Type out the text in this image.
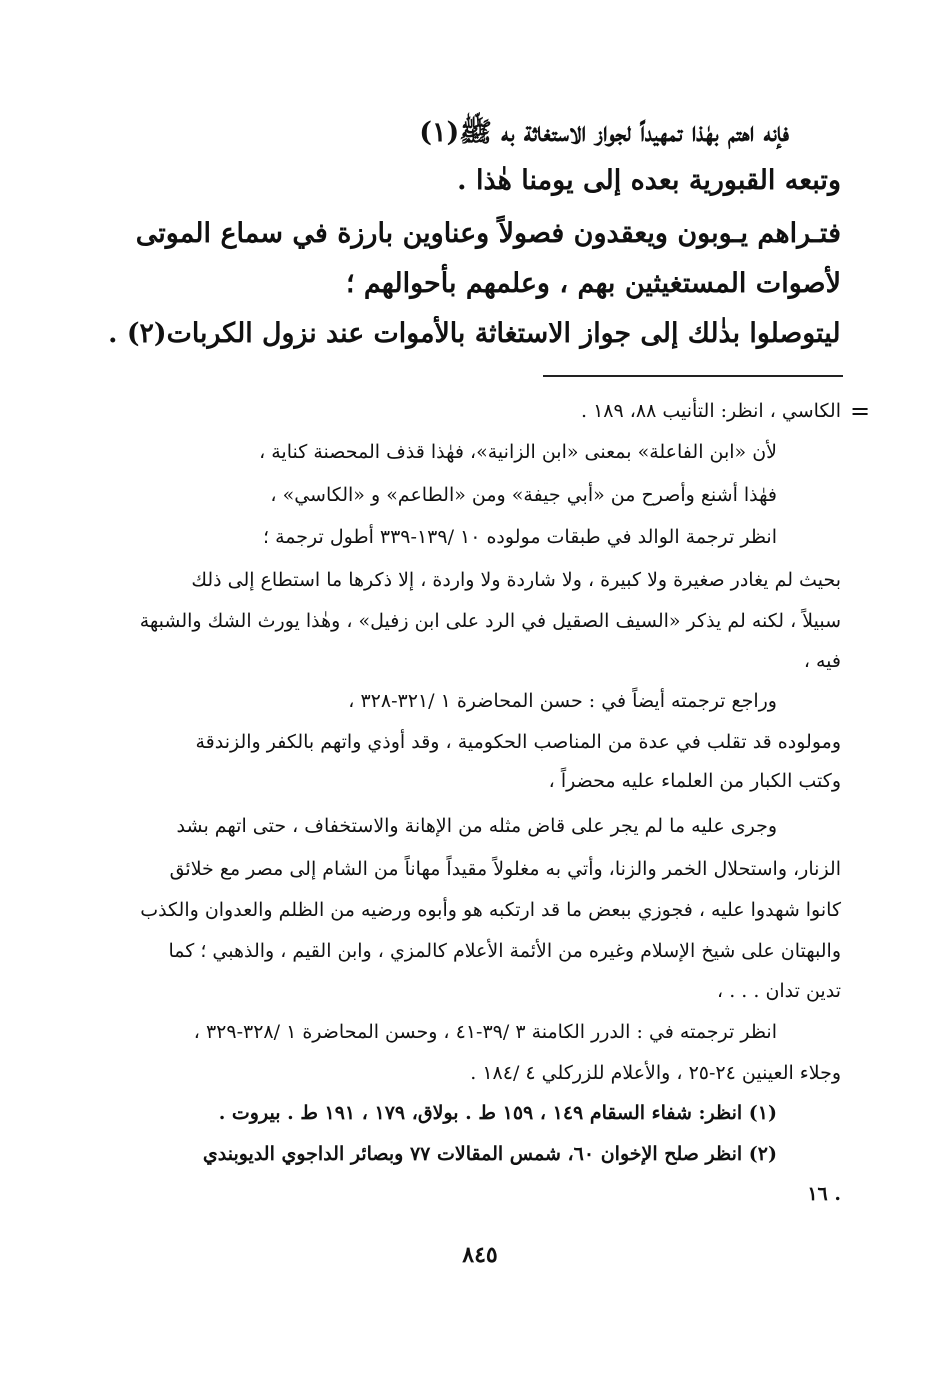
فإنه اهتم بهٰذا تمهيداً لجواز الاستغاثة به ﷺ(١)
وتبعه القبورية بعده إلى يومنا هٰذا .
فتـراهم يـوبون ويعقدون فصولاً وعناوين بارزة في سماع الموتى
لأصوات المستغيثين بهم ، وعلمهم بأحوالهم ؛
ليتوصلوا بذٰلك إلى جواز الاستغاثة بالأموات عند نزول الكربات(٢) .
=
الكاسي ، انظر: التأنيب ٨٨، ١٨٩ .
لأن «ابن الفاعلة» بمعنى «ابن الزانية»، فهٰذا قذف المحصنة كناية ،
فهٰذا أشنع وأصرح من «أبي جيفة» ومن «الطاعم» و «الكاسي» ،
انظر ترجمة الوالد في طبقات مولوده ١٠ /١٣٩-٣٣٩ أطول ترجمة ؛
بحيث لم يغادر صغيرة ولا كبيرة ، ولا شاردة ولا واردة ، إلا ذكرها ما استطاع إلى ذلك
سبيلاً ، لكنه لم يذكر «السيف الصقيل في الرد على ابن زفيل» ، وهٰذا يورث الشك والشبهة
فيه ،
وراجع ترجمته أيضاً في : حسن المحاضرة ١ /٣٢١-٣٢٨ ،
ومولوده قد تقلب في عدة من المناصب الحكومية ، وقد أوذي واتهم بالكفر والزندقة
وكتب الكبار من العلماء عليه محضراً ،
وجرى عليه ما لم يجر على قاض مثله من الإهانة والاستخفاف ، حتى اتهم بشد
الزنار، واستحلال الخمر والزنا، وأتي به مغلولاً مقيداً مهاناً من الشام إلى مصر مع خلائق
كانوا شهدوا عليه ، فجوزي ببعض ما قد ارتكبه هو وأبوه ورضيه من الظلم والعدوان والكذب
والبهتان على شيخ الإسلام وغيره من الأئمة الأعلام كالمزي ، وابن القيم ، والذهبي ؛ كما
تدين تدان . . . ،
انظر ترجمته في : الدرر الكامنة ٣ /٣٩-٤١ ، وحسن المحاضرة ١ /٣٢٨-٣٢٩ ،
وجلاء العينين ٢٤-٢٥ ، والأعلام للزركلي ٤ /١٨٤ .
(١) انظر: شفاء السقام ١٤٩ ، ١٥٩ ط . بولاق، ١٧٩ ، ١٩١ ط . بيروت .
(٢) انظر صلح الإخوان ٦٠، شمس المقالات ٧٧ وبصائر الداجوي الديوبندي
١٦ .
٨٤٥
